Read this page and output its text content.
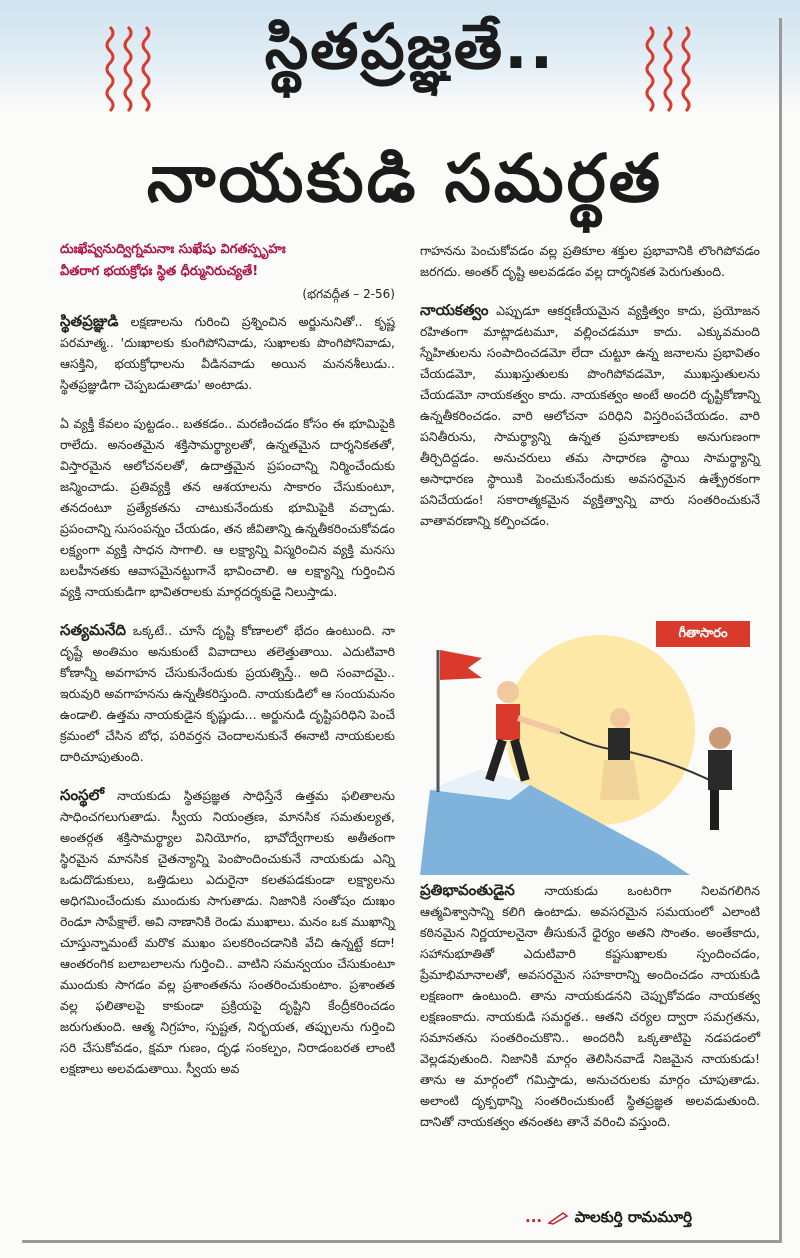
స్థితప్రజ్ఞతే..
నాయకుడి సమర్థత
దుఃఖేష్వనుద్విగ్నమనాః సుఖేషు విగతస్పృహః
వీతరాగ భయక్రోధః స్థిత ధీర్మునిరుచ్యతే!
(భగవద్గీత – 2-56)
స్థితప్రజ్ఞుడి లక్షణాలను గురించి ప్రశ్నించిన అర్జునునితో.. కృష్ణ పరమాత్మ.. 'దుఃఖాలకు కుంగిపోనివాడు, సుఖాలకు పొంగిపోనివాడు, ఆసక్తిని, భయక్రోధాలను వీడినవాడు అయిన మననశీలుడు.. స్థితప్రజ్ఞుడిగా చెప్పబడుతాడు' అంటాడు.
ఏ వ్యక్తీ కేవలం పుట్టడం.. బతకడం.. మరణించడం కోసం ఈ భూమిపైకి రాలేదు. అనంతమైన శక్తిసామర్థ్యాలతో, ఉన్నతమైన దార్శనికతతో, విస్తారమైన ఆలోచనలతో, ఉదాత్తమైన ప్రపంచాన్ని నిర్మించేందుకు జన్మించాడు. ప్రతివ్యక్తి తన ఆశయాలను సాకారం చేసుకుంటూ, తనదంటూ ప్రత్యేకతను చాటుకునేందుకు భూమిపైకి వచ్చాడు. ప్రపంచాన్ని సుసంపన్నం చేయడం, తన జీవితాన్ని ఉన్నతీకరించుకోవడం లక్ష్యంగా వ్యక్తి సాధన సాగాలి. ఆ లక్ష్యాన్ని విస్మరించిన వ్యక్తి మనసు బలహీనతకు ఆవాసమైనట్టుగానే భావించాలి. ఆ లక్ష్యాన్ని గుర్తించిన వ్యక్తి నాయకుడిగా భావితరాలకు మార్గదర్శకుడై నిలుస్తాడు.
సత్యమనేది ఒక్కటే.. చూసే దృష్టి కోణాలలో భేదం ఉంటుంది. నా దృష్టే అంతిమం అనుకుంటే వివాదాలు తలెత్తుతాయి. ఎదుటివారి కోణాన్నీ అవగాహన చేసుకునేందుకు ప్రయత్నిస్తే.. అది సంవాదమై.. ఇరువురి అవగాహనను ఉన్నతీకరిస్తుంది. నాయకుడిలో ఆ సంయమనం ఉండాలి. ఉత్తమ నాయకుడైన కృష్ణుడు... అర్జునుడి దృష్టిపరిధిని పెంచే క్రమంలో చేసిన బోధ, పరివర్తన చెందాలనుకునే ఈనాటి నాయకులకు దారిచూపుతుంది.
సంస్థలో నాయకుడు స్థితప్రజ్ఞత సాధిస్తేనే ఉత్తమ ఫలితాలను సాధించగలుగుతాడు. స్వీయ నియంత్రణ, మానసిక సమతుల్యత, అంతర్గత శక్తిసామర్థ్యాల వినియోగం, భావోద్వేగాలకు అతీతంగా స్థిరమైన మానసిక చైతన్యాన్ని పెంపొందించుకునే నాయకుడు ఎన్ని ఒడుదొడుకులు, ఒత్తిడులు ఎదురైనా కలతపడకుండా లక్ష్యాలను అధిగమించేందుకు ముందుకు సాగుతాడు. నిజానికి సంతోషం దుఃఖం రెండూ సాపేక్షాలే. అవి నాణానికి రెండు ముఖాలు. మనం ఒక ముఖాన్ని చూస్తున్నామంటే మరొక ముఖం పలకరించడానికి వేచి ఉన్నట్టే కదా! ఆంతరంగిక బలాబలాలను గుర్తించి.. వాటిని సమన్వయం చేసుకుంటూ ముందుకు సాగడం వల్ల ప్రశాంతతను సంతరించుకుంటాం. ప్రశాంతత వల్ల ఫలితాలపై కాకుండా ప్రక్రియపై దృష్టిని కేంద్రీకరించడం జరుగుతుంది. ఆత్మ నిగ్రహం, స్పష్టత, నిర్భయత, తప్పులను గుర్తించి సరి చేసుకోవడం, క్షమా గుణం, దృఢ సంకల్పం, నిరాడంబరత లాంటి లక్షణాలు అలవడుతాయి. స్వీయ అవ
గాహనను పెంచుకోవడం వల్ల ప్రతికూల శక్తుల ప్రభావానికి లొంగిపోవడం జరగదు. అంతర్ దృష్టి అలవడడం వల్ల దార్శనికత పెరుగుతుంది.
నాయకత్వం ఎప్పుడూ ఆకర్షణీయమైన వ్యక్తిత్వం కాదు, ప్రయోజన రహితంగా మాట్లాడటమూ, వల్లించడమూ కాదు. ఎక్కువమంది స్నేహితులను సంపాదించడమో లేదా చుట్టూ ఉన్న జనాలను ప్రభావితం చేయడమో, ముఖస్తుతులకు పొంగిపోవడమో, ముఖస్తుతులను చేయడమో నాయకత్వం కాదు. నాయకత్వం అంటే అందరి దృష్టికోణాన్ని ఉన్నతీకరించడం. వారి ఆలోచనా పరిధిని విస్తరింపచేయడం. వారి పనితీరును, సామర్థ్యాన్ని ఉన్నత ప్రమాణాలకు అనుగుణంగా తీర్చిదిద్దడం. అనుచరులు తమ సాధారణ స్థాయి సామర్థ్యాన్ని అసాధారణ స్థాయికి పెంచుకునేందుకు అవసరమైన ఉత్ప్రేరకంగా పనిచేయడం! సకారాత్మకమైన వ్యక్తిత్వాన్ని వారు సంతరించుకునే వాతావరణాన్ని కల్పించడం.
గీతాసారం
ప్రతిభావంతుడైన నాయకుడు ఒంటరిగా నిలవగలిగిన ఆత్మవిశ్వాసాన్ని కలిగి ఉంటాడు. అవసరమైన సమయంలో ఎలాంటి కఠినమైన నిర్ణయాలనైనా తీసుకునే ధైర్యం అతని సొంతం. అంతేకాదు, సహానుభూతితో ఎదుటివారి కష్టసుఖాలకు స్పందించడం, ప్రేమాభిమానాలతో, అవసరమైన సహకారాన్ని అందించడం నాయకుడి లక్షణంగా ఉంటుంది. తాను నాయకుడనని చెప్పుకోవడం నాయకత్వ లక్షణంకాదు. నాయకుడి సమర్థత.. ఆతని చర్యల ద్వారా సమగ్రతను, సమానతను సంతరించుకొని.. అందరినీ ఒక్కతాటిపై నడపడంలో వెల్లడవుతుంది. నిజానికి మార్గం తెలిసినవాడే నిజమైన నాయకుడు! తాను ఆ మార్గంలో గమిస్తాడు, అనుచరులకు మార్గం చూపుతాడు. అలాంటి దృక్పథాన్ని సంతరించుకుంటే స్థితప్రజ్ఞత అలవడుతుంది. దానితో నాయకత్వం తనంతట తానే వరించి వస్తుంది.
... పాలకుర్తి రామమూర్తి
